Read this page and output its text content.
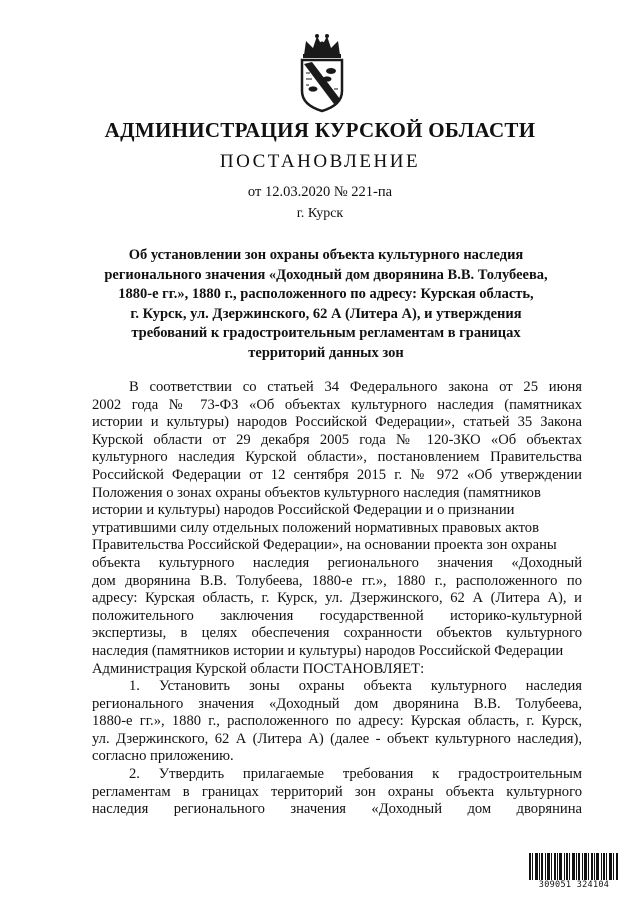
АДМИНИСТРАЦИЯ КУРСКОЙ ОБЛАСТИ
ПОСТАНОВЛЕНИЕ
от 12.03.2020 № 221-па
г. Курск
Об установлении зон охраны объекта культурного наследия
регионального значения «Доходный дом дворянина В.В. Толубеева,
1880-е гг.», 1880 г., расположенного по адресу: Курская область,
г. Курск, ул. Дзержинского, 62 А (Литера А), и утверждения
требований к градостроительным регламентам в границах
территорий данных зон
В соответствии со статьей 34 Федерального закона от 25 июня
2002 года № 73-ФЗ «Об объектах культурного наследия (памятниках
истории и культуры) народов Российской Федерации», статьей 35 Закона
Курской области от 29 декабря 2005 года № 120-ЗКО «Об объектах
культурного наследия Курской области», постановлением Правительства
Российской Федерации от 12 сентября 2015 г. № 972 «Об утверждении
Положения о зонах охраны объектов культурного наследия (памятников
истории и культуры) народов Российской Федерации и о признании
утратившими силу отдельных положений нормативных правовых актов
Правительства Российской Федерации», на основании проекта зон охраны
объекта культурного наследия регионального значения «Доходный
дом дворянина В.В. Толубеева, 1880-е гг.», 1880 г., расположенного по
адресу: Курская область, г. Курск, ул. Дзержинского, 62 А (Литера А), и
положительного заключения государственной историко-культурной
экспертизы, в целях обеспечения сохранности объектов культурного
наследия (памятников истории и культуры) народов Российской Федерации
Администрация Курской области ПОСТАНОВЛЯЕТ:
1. Установить зоны охраны объекта культурного наследия
регионального значения «Доходный дом дворянина В.В. Толубеева,
1880-е гг.», 1880 г., расположенного по адресу: Курская область, г. Курск,
ул. Дзержинского, 62 А (Литера А) (далее - объект культурного наследия),
согласно приложению.
2. Утвердить прилагаемые требования к градостроительным
регламентам в границах территорий зон охраны объекта культурного
наследия регионального значения «Доходный дом дворянина
309051 324104
